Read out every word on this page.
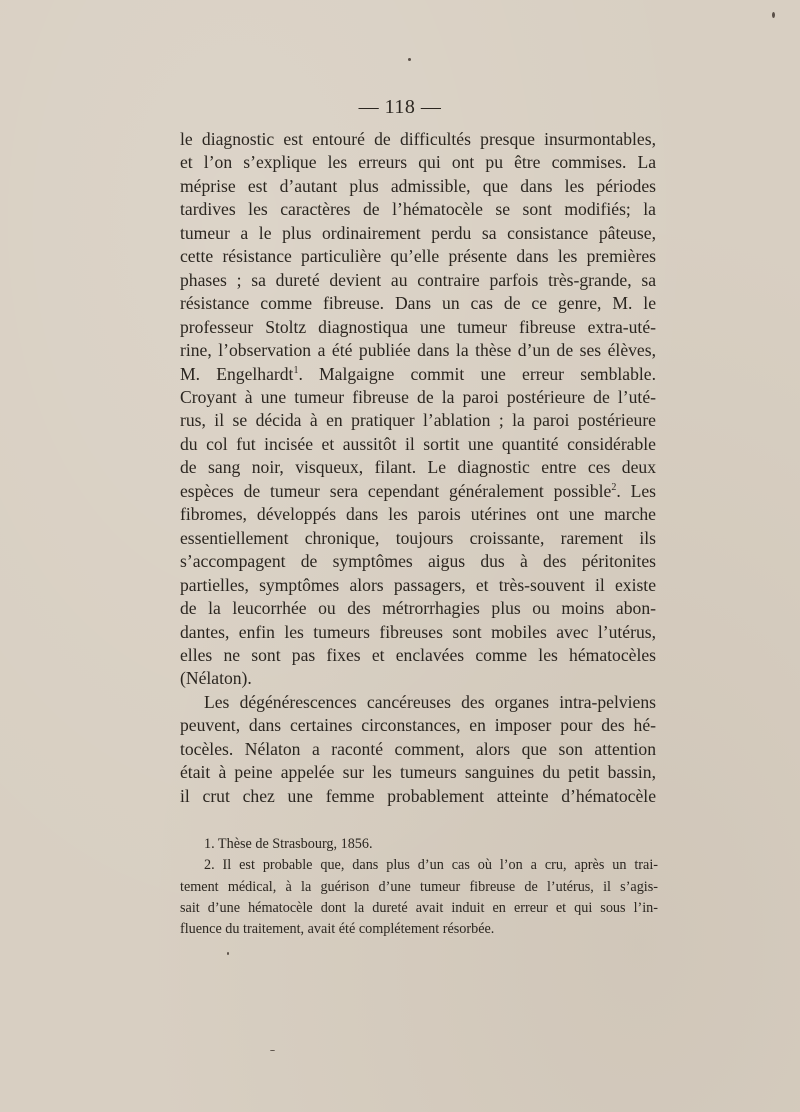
— 118 —
le diagnostic est entouré de difficultés presque insurmontables,
et l’on s’explique les erreurs qui ont pu être commises. La
méprise est d’autant plus admissible, que dans les périodes
tardives les caractères de l’hématocèle se sont modifiés; la
tumeur a le plus ordinairement perdu sa consistance pâteuse,
cette résistance particulière qu’elle présente dans les premières
phases ; sa dureté devient au contraire parfois très-grande, sa
résistance comme fibreuse. Dans un cas de ce genre, M. le
professeur Stoltz diagnostiqua une tumeur fibreuse extra-uté-
rine, l’observation a été publiée dans la thèse d’un de ses élèves,
M. Engelhardt$^1$. Malgaigne commit une erreur semblable.
Croyant à une tumeur fibreuse de la paroi postérieure de l’uté-
rus, il se décida à en pratiquer l’ablation ; la paroi postérieure
du col fut incisée et aussitôt il sortit une quantité considérable
de sang noir, visqueux, filant. Le diagnostic entre ces deux
espèces de tumeur sera cependant généralement possible$^2$. Les
fibromes, développés dans les parois utérines ont une marche
essentiellement chronique, toujours croissante, rarement ils
s’accompagent de symptômes aigus dus à des péritonites
partielles, symptômes alors passagers, et très-souvent il existe
de la leucorrhée ou des métrorrhagies plus ou moins abon-
dantes, enfin les tumeurs fibreuses sont mobiles avec l’utérus,
elles ne sont pas fixes et enclavées comme les hématocèles
(Nélaton).
Les dégénérescences cancéreuses des organes intra-pelviens
peuvent, dans certaines circonstances, en imposer pour des hé-
tocèles. Nélaton a raconté comment, alors que son attention
était à peine appelée sur les tumeurs sanguines du petit bassin,
il crut chez une femme probablement atteinte d’hématocèle
1. Thèse de Strasbourg, 1856.
2. Il est probable que, dans plus d’un cas où l’on a cru, après un trai-
tement médical, à la guérison d’une tumeur fibreuse de l’utérus, il s’agis-
sait d’une hématocèle dont la dureté avait induit en erreur et qui sous l’in-
fluence du traitement, avait été complétement résorbée.
